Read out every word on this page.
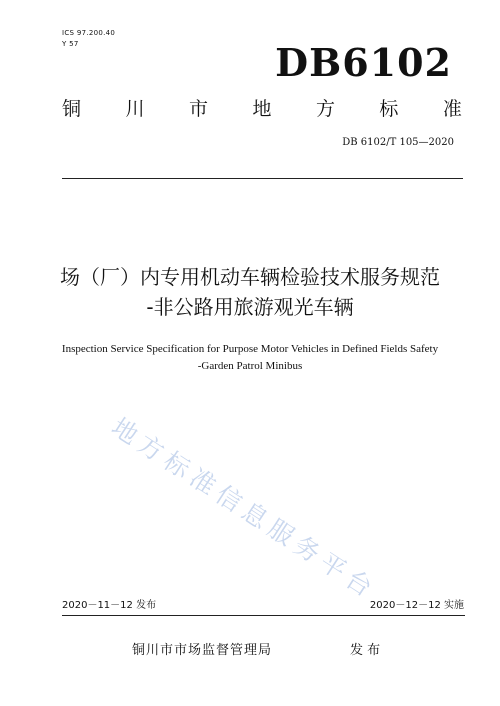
ICS 97.200.40
Y 57	DB6102
铜 川 市 地 方 标 准
DB 6102/T 105—2020
场（厂）内专用机动车辆检验技术服务规范
-非公路用旅游观光车辆
Inspection Service Specification for Purpose Motor Vehicles in Defined Fields Safety
-Garden Patrol Minibus
地方标准信息服务平台
2020－11－12 发布	2020－12－12 实施
铜川市市场监督管理局	发 布
